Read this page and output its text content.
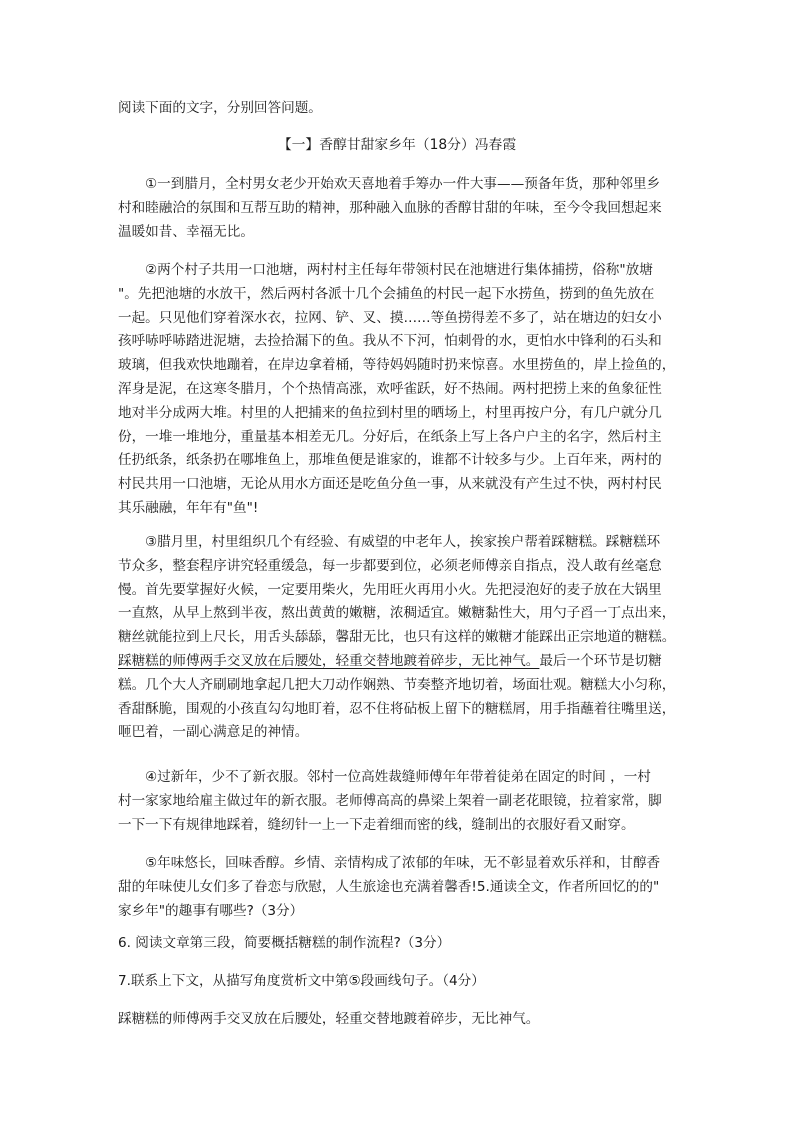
阅读下面的文字，分别回答问题。
【一】香醇甘甜家乡年（18分）冯春霞
①一到腊月，全村男女老少开始欢天喜地着手筹办一件大事——预备年货，那种邻里乡
村和睦融洽的氛围和互帮互助的精神，那种融入血脉的香醇甘甜的年味，至今令我回想起来
温暖如昔、幸福无比。
②两个村子共用一口池塘，两村村主任每年带领村民在池塘进行集体捕捞，俗称"放塘
"。先把池塘的水放干，然后两村各派十几个会捕鱼的村民一起下水捞鱼，捞到的鱼先放在
一起。只见他们穿着深水衣，拉网、铲、叉、摸……等鱼捞得差不多了，站在塘边的妇女小
孩呼哧呼哧踏进泥塘，去捡拾漏下的鱼。我从不下河，怕刺骨的水，更怕水中锋利的石头和
玻璃，但我欢快地蹦着，在岸边拿着桶，等待妈妈随时扔来惊喜。水里捞鱼的，岸上捡鱼的，
浑身是泥，在这寒冬腊月，个个热情高涨，欢呼雀跃，好不热闹。两村把捞上来的鱼象征性
地对半分成两大堆。村里的人把捕来的鱼拉到村里的晒场上，村里再按户分，有几户就分几
份，一堆一堆地分，重量基本相差无几。分好后，在纸条上写上各户户主的名字，然后村主
任扔纸条，纸条扔在哪堆鱼上，那堆鱼便是谁家的，谁都不计较多与少。上百年来，两村的
村民共用一口池塘，无论从用水方面还是吃鱼分鱼一事，从来就没有产生过不快，两村村民
其乐融融，年年有"鱼"!
③腊月里，村里组织几个有经验、有威望的中老年人，挨家挨户帮着踩糖糕。踩糖糕环
节众多，整套程序讲究轻重缓急，每一步都要到位，必须老师傅亲自指点，没人敢有丝毫怠
慢。首先要掌握好火候，一定要用柴火，先用旺火再用小火。先把浸泡好的麦子放在大锅里
一直熬，从早上熬到半夜，熬出黄黄的嫩糖，浓稠适宜。嫩糖黏性大，用勺子舀一丁点出来，
糖丝就能拉到上尺长，用舌头舔舔，馨甜无比，也只有这样的嫩糖才能踩出正宗地道的糖糕。
踩糖糕的师傅两手交叉放在后腰处，轻重交替地踱着碎步，无比神气。最后一个环节是切糖
糕。几个大人齐刷刷地拿起几把大刀动作娴熟、节奏整齐地切着，场面壮观。糖糕大小匀称，
香甜酥脆，围观的小孩直勾勾地盯着，忍不住将砧板上留下的糖糕屑，用手指蘸着往嘴里送，
咂巴着，一副心满意足的神情。
④过新年，少不了新衣服。邻村一位高姓裁缝师傅年年带着徒弟在固定的时间 ，一村
村一家家地给雇主做过年的新衣服。老师傅高高的鼻梁上架着一副老花眼镜，拉着家常，脚
一下一下有规律地踩着，缝纫针一上一下走着细而密的线，缝制出的衣服好看又耐穿。
⑤年味悠长，回味香醇。乡情、亲情构成了浓郁的年味，无不彰显着欢乐祥和，甘醇香
甜的年味使儿女们多了眷恋与欣慰，人生旅途也充满着馨香!5.通读全文，作者所回忆的的"
家乡年"的趣事有哪些?（3分）
6. 阅读文章第三段，简要概括糖糕的制作流程?（3分）
7.联系上下文，从描写角度赏析文中第⑤段画线句子。（4分）
踩糖糕的师傅两手交叉放在后腰处，轻重交替地踱着碎步，无比神气。
